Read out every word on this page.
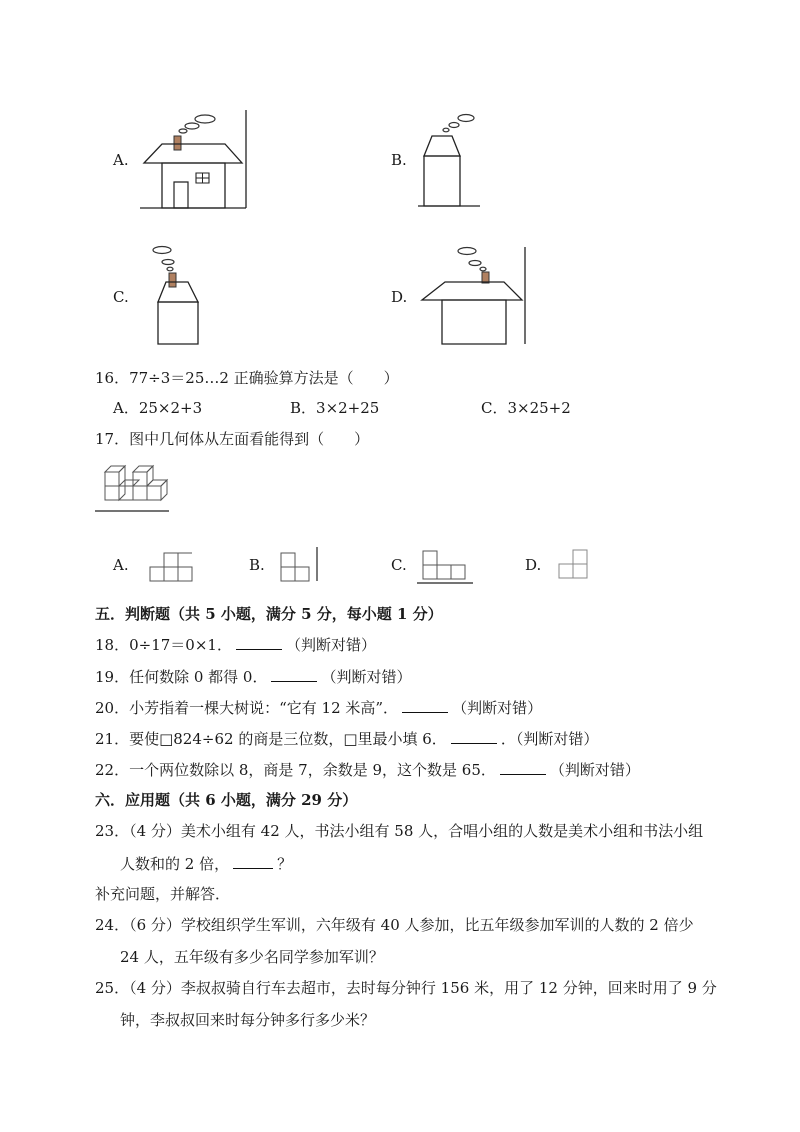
A.	B.
C.	D.
16．77÷3＝25…2 正确验算方法是（　　）
A．25×2+3	B．3×2+25	C．3×25+2
17．图中几何体从左面看能得到（　　）
A.	B.	C.	D.
五．判断题（共 5 小题，满分 5 分，每小题 1 分）
18．0÷17＝0×1．	（判断对错）
19．任何数除 0 都得 0．	（判断对错）
20．小芳指着一棵大树说：“它有 12 米高”．	（判断对错）
21．要使□824÷62 的商是三位数，□里最小填 6．	．（判断对错）
22．一个两位数除以 8，商是 7，余数是 9，这个数是 65．	（判断对错）
六．应用题（共 6 小题，满分 29 分）
23．（4 分）美术小组有 42 人，书法小组有 58 人，合唱小组的人数是美术小组和书法小组
人数和的 2 倍，	？
补充问题，并解答．
24．（6 分）学校组织学生军训，六年级有 40 人参加，比五年级参加军训的人数的 2 倍少
24 人，五年级有多少名同学参加军训？
25．（4 分）李叔叔骑自行车去超市，去时每分钟行 156 米，用了 12 分钟，回来时用了 9 分
钟，李叔叔回来时每分钟多行多少米？
